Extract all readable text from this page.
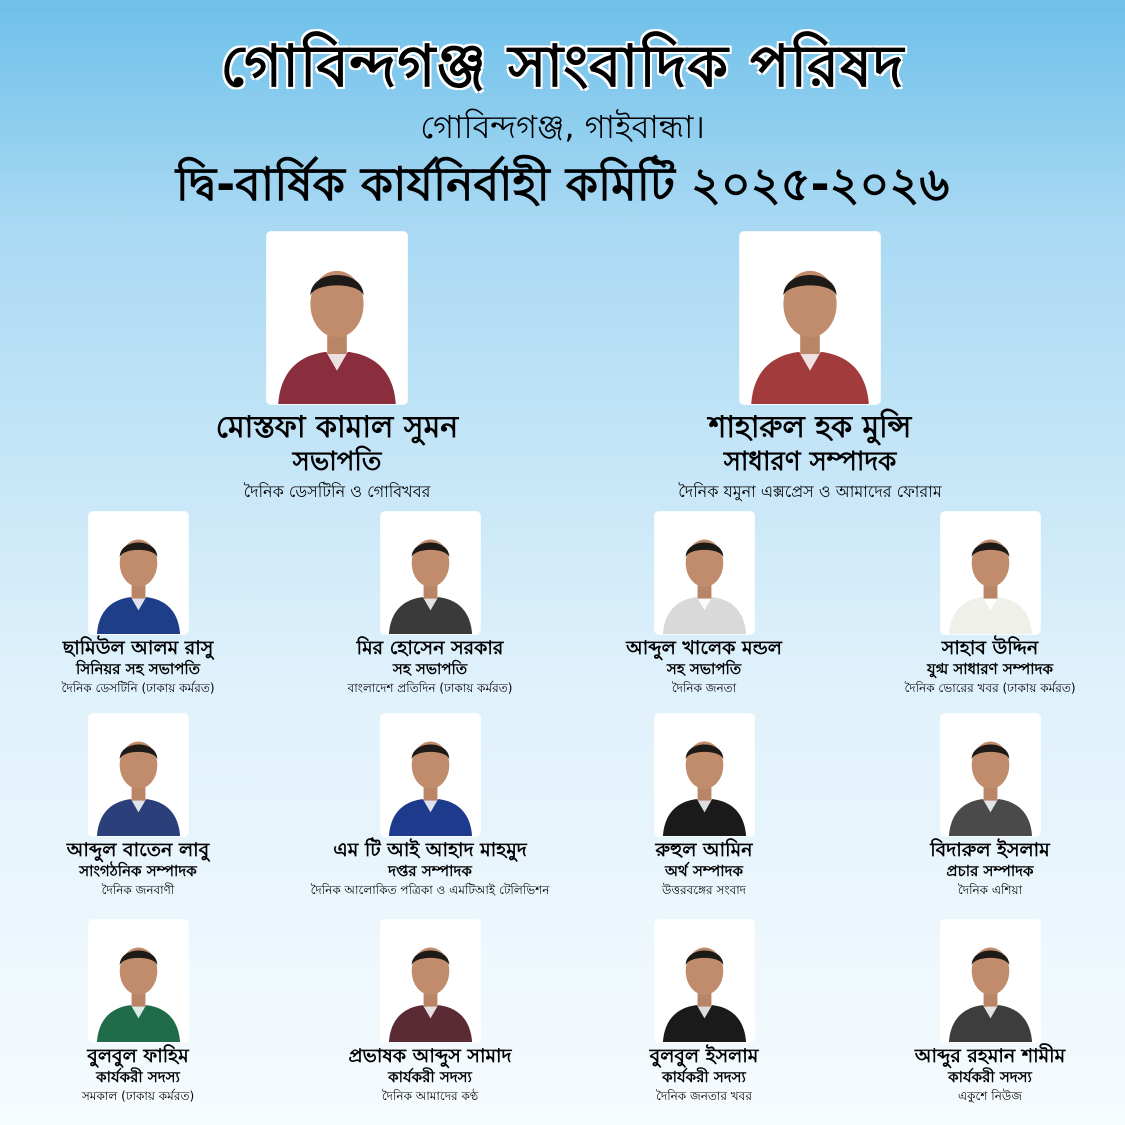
গোবিন্দগঞ্জ সাংবাদিক পরিষদ
গোবিন্দগঞ্জ, গাইবান্ধা।
দ্বি-বার্ষিক কার্যনির্বাহী কমিটি ২০২৫-২০২৬
মোস্তফা কামাল সুমন
সভাপতি
দৈনিক ডেসটিনি ও গোবিখবর
শাহারুল হক মুন্সি
সাধারণ সম্পাদক
দৈনিক যমুনা এক্সপ্রেস ও আমাদের ফোরাম
ছামিউল আলম রাসু
সিনিয়র সহ সভাপতি
দৈনিক ডেসটিনি (ঢাকায় কর্মরত)
মির হোসেন সরকার
সহ সভাপতি
বাংলাদেশ প্রতিদিন (ঢাকায় কর্মরত)
আব্দুল খালেক মন্ডল
সহ সভাপতি
দৈনিক জনতা
সাহাব উদ্দিন
যুগ্ম সাধারণ সম্পাদক
দৈনিক ভোরের খবর (ঢাকায় কর্মরত)
আব্দুল বাতেন লাবু
সাংগঠনিক সম্পাদক
দৈনিক জনবাণী
এম টি আই আহাদ মাহমুদ
দপ্তর সম্পাদক
দৈনিক আলোকিত পত্রিকা ও এমটিআই টেলিভিশন
রুহুল আমিন
অর্থ সম্পাদক
উত্তরবঙ্গের সংবাদ
বিদারুল ইসলাম
প্রচার সম্পাদক
দৈনিক এশিয়া
বুলবুল ফাহিম
কার্যকরী সদস্য
সমকাল (ঢাকায় কর্মরত)
প্রভাষক আব্দুস সামাদ
কার্যকরী সদস্য
দৈনিক আমাদের কণ্ঠ
বুলবুল ইসলাম
কার্যকরী সদস্য
দৈনিক জনতার খবর
আব্দুর রহমান শামীম
কার্যকরী সদস্য
একুশে নিউজ
